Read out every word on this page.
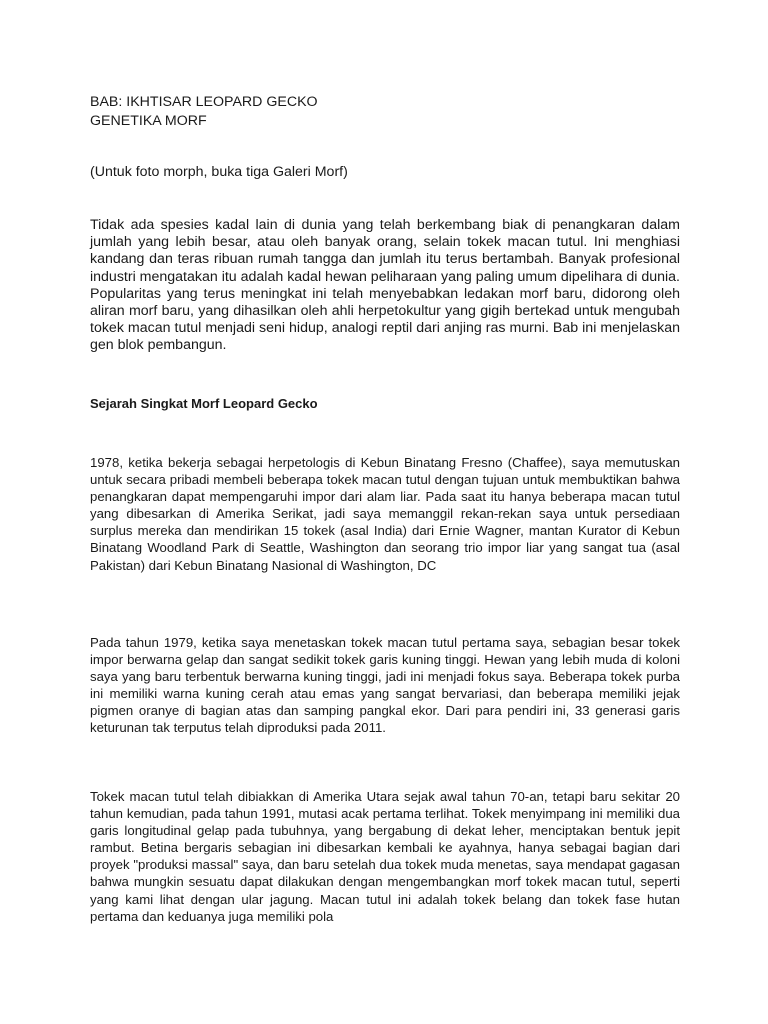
BAB: IKHTISAR LEOPARD GECKO
GENETIKA MORF

(Untuk foto morph, buka tiga Galeri Morf)

Tidak ada spesies kadal lain di dunia yang telah berkembang biak di penangkaran dalam jumlah yang lebih besar, atau oleh banyak orang, selain tokek macan tutul. Ini menghiasi kandang dan teras ribuan rumah tangga dan jumlah itu terus bertambah. Banyak profesional industri mengatakan itu adalah kadal hewan peliharaan yang paling umum dipelihara di dunia. Popularitas yang terus meningkat ini telah menyebabkan ledakan morf baru, didorong oleh aliran morf baru, yang dihasilkan oleh ahli herpetokultur yang gigih bertekad untuk mengubah tokek macan tutul menjadi seni hidup, analogi reptil dari anjing ras murni. Bab ini menjelaskan gen blok pembangun.

Sejarah Singkat Morf Leopard Gecko

1978, ketika bekerja sebagai herpetologis di Kebun Binatang Fresno (Chaffee), saya memutuskan untuk secara pribadi membeli beberapa tokek macan tutul dengan tujuan untuk membuktikan bahwa penangkaran dapat mempengaruhi impor dari alam liar. Pada saat itu hanya beberapa macan tutul yang dibesarkan di Amerika Serikat, jadi saya memanggil rekan-rekan saya untuk persediaan surplus mereka dan mendirikan 15 tokek (asal India) dari Ernie Wagner, mantan Kurator di Kebun Binatang Woodland Park di Seattle, Washington dan seorang trio impor liar yang sangat tua (asal Pakistan) dari Kebun Binatang Nasional di Washington, DC

Pada tahun 1979, ketika saya menetaskan tokek macan tutul pertama saya, sebagian besar tokek impor berwarna gelap dan sangat sedikit tokek garis kuning tinggi. Hewan yang lebih muda di koloni saya yang baru terbentuk berwarna kuning tinggi, jadi ini menjadi fokus saya. Beberapa tokek purba ini memiliki warna kuning cerah atau emas yang sangat bervariasi, dan beberapa memiliki jejak pigmen oranye di bagian atas dan samping pangkal ekor. Dari para pendiri ini, 33 generasi garis keturunan tak terputus telah diproduksi pada 2011.

Tokek macan tutul telah dibiakkan di Amerika Utara sejak awal tahun 70-an, tetapi baru sekitar 20 tahun kemudian, pada tahun 1991, mutasi acak pertama terlihat. Tokek menyimpang ini memiliki dua garis longitudinal gelap pada tubuhnya, yang bergabung di dekat leher, menciptakan bentuk jepit rambut. Betina bergaris sebagian ini dibesarkan kembali ke ayahnya, hanya sebagai bagian dari proyek "produksi massal" saya, dan baru setelah dua tokek muda menetas, saya mendapat gagasan bahwa mungkin sesuatu dapat dilakukan dengan mengembangkan morf tokek macan tutul, seperti yang kami lihat dengan ular jagung. Macan tutul ini adalah tokek belang dan tokek fase hutan pertama dan keduanya juga memiliki pola
